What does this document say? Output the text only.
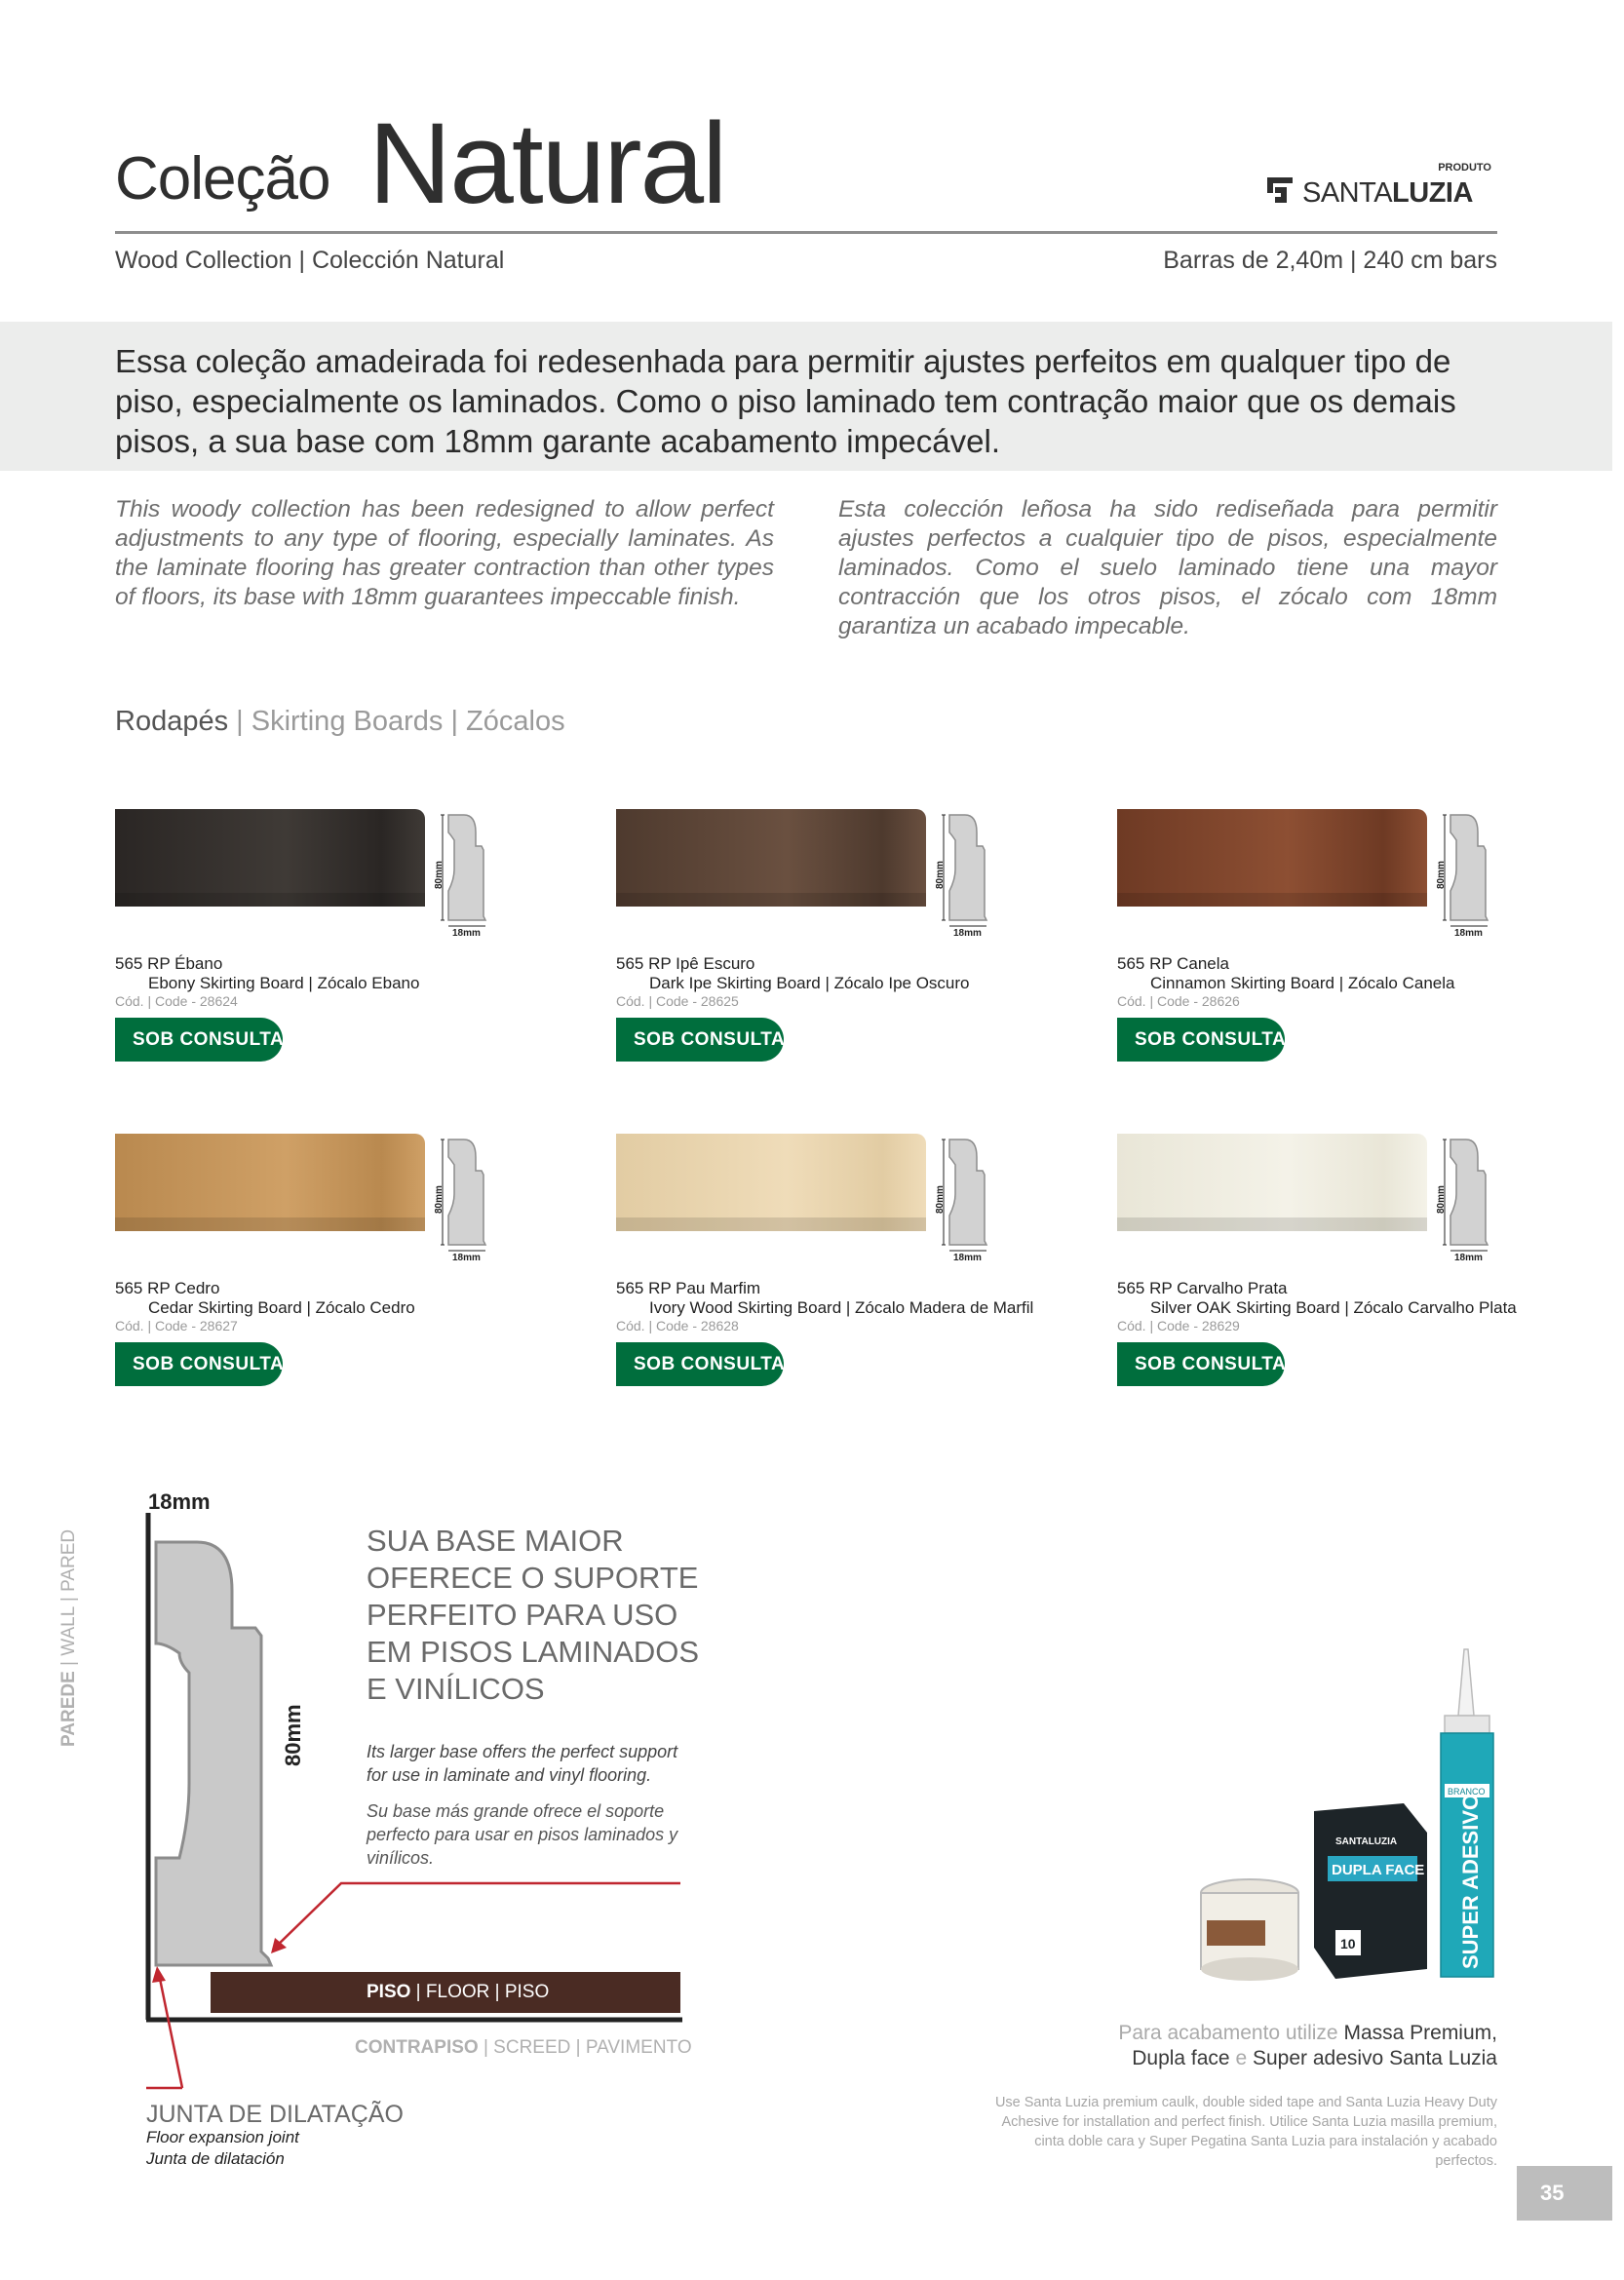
Coleção Natural	PRODUTO
SANTALUZIA
Wood Collection | Colección Natural	Barras de 2,40m | 240 cm bars
Essa coleção amadeirada foi redesenhada para permitir ajustes perfeitos em qualquer tipo de piso, especialmente os laminados. Como o piso laminado tem contração maior que os demais pisos, a sua base com 18mm garante acabamento impecável.
This woody collection has been redesigned to allow perfect adjustments to any type of flooring, especially laminates. As the laminate flooring has greater contraction than other types of floors, its base with 18mm guarantees impeccable finish.
Esta colección leñosa ha sido rediseñada para permitir ajustes perfectos a cualquier tipo de pisos, especialmente laminados. Como el suelo laminado tiene una mayor contracción que los otros pisos, el zócalo com 18mm garantiza un acabado impecable.
Rodapés | Skirting Boards | Zócalos
80mm
18mm
565 RP Ébano
Ebony Skirting Board | Zócalo Ebano
Cód. | Code - 28624
SOB CONSULTA
80mm
18mm
565 RP Ipê Escuro
Dark Ipe Skirting Board | Zócalo Ipe Oscuro
Cód. | Code - 28625
SOB CONSULTA
80mm
18mm
565 RP Canela
Cinnamon Skirting Board | Zócalo Canela
Cód. | Code - 28626
SOB CONSULTA
80mm
18mm
565 RP Cedro
Cedar Skirting Board | Zócalo Cedro
Cód. | Code - 28627
SOB CONSULTA
80mm
18mm
565 RP Pau Marfim
Ivory Wood Skirting Board | Zócalo Madera de Marfil
Cód. | Code - 28628
SOB CONSULTA
80mm
18mm
565 RP Carvalho Prata
Silver OAK Skirting Board | Zócalo Carvalho Plata
Cód. | Code - 28629
SOB CONSULTA
18mm
80mm
PAREDE | WALL | PARED	SUA BASE MAIOR OFERECE O SUPORTE PERFEITO PARA USO EM PISOS LAMINADOS E VINÍLICOS
Its larger base offers the perfect support for use in laminate and vinyl flooring.
Su base más grande ofrece el soporte perfecto para usar en pisos laminados y vinílicos.
PISO | FLOOR | PISO
CONTRAPISO | SCREED | PAVIMENTO
JUNTA DE DILATAÇÃO
Floor expansion joint
Junta de dilatación
DUPLA FACE
SANTALUZIA
10
BRANCO
SUPER ADESIVO
Para acabamento utilize Massa Premium,
Dupla face e Super adesivo Santa Luzia
Use Santa Luzia premium caulk, double sided tape and Santa Luzia Heavy Duty Achesive for installation and perfect finish. Utilice Santa Luzia masilla premium, cinta doble cara y Super Pegatina Santa Luzia para instalación y acabado perfectos.
35
